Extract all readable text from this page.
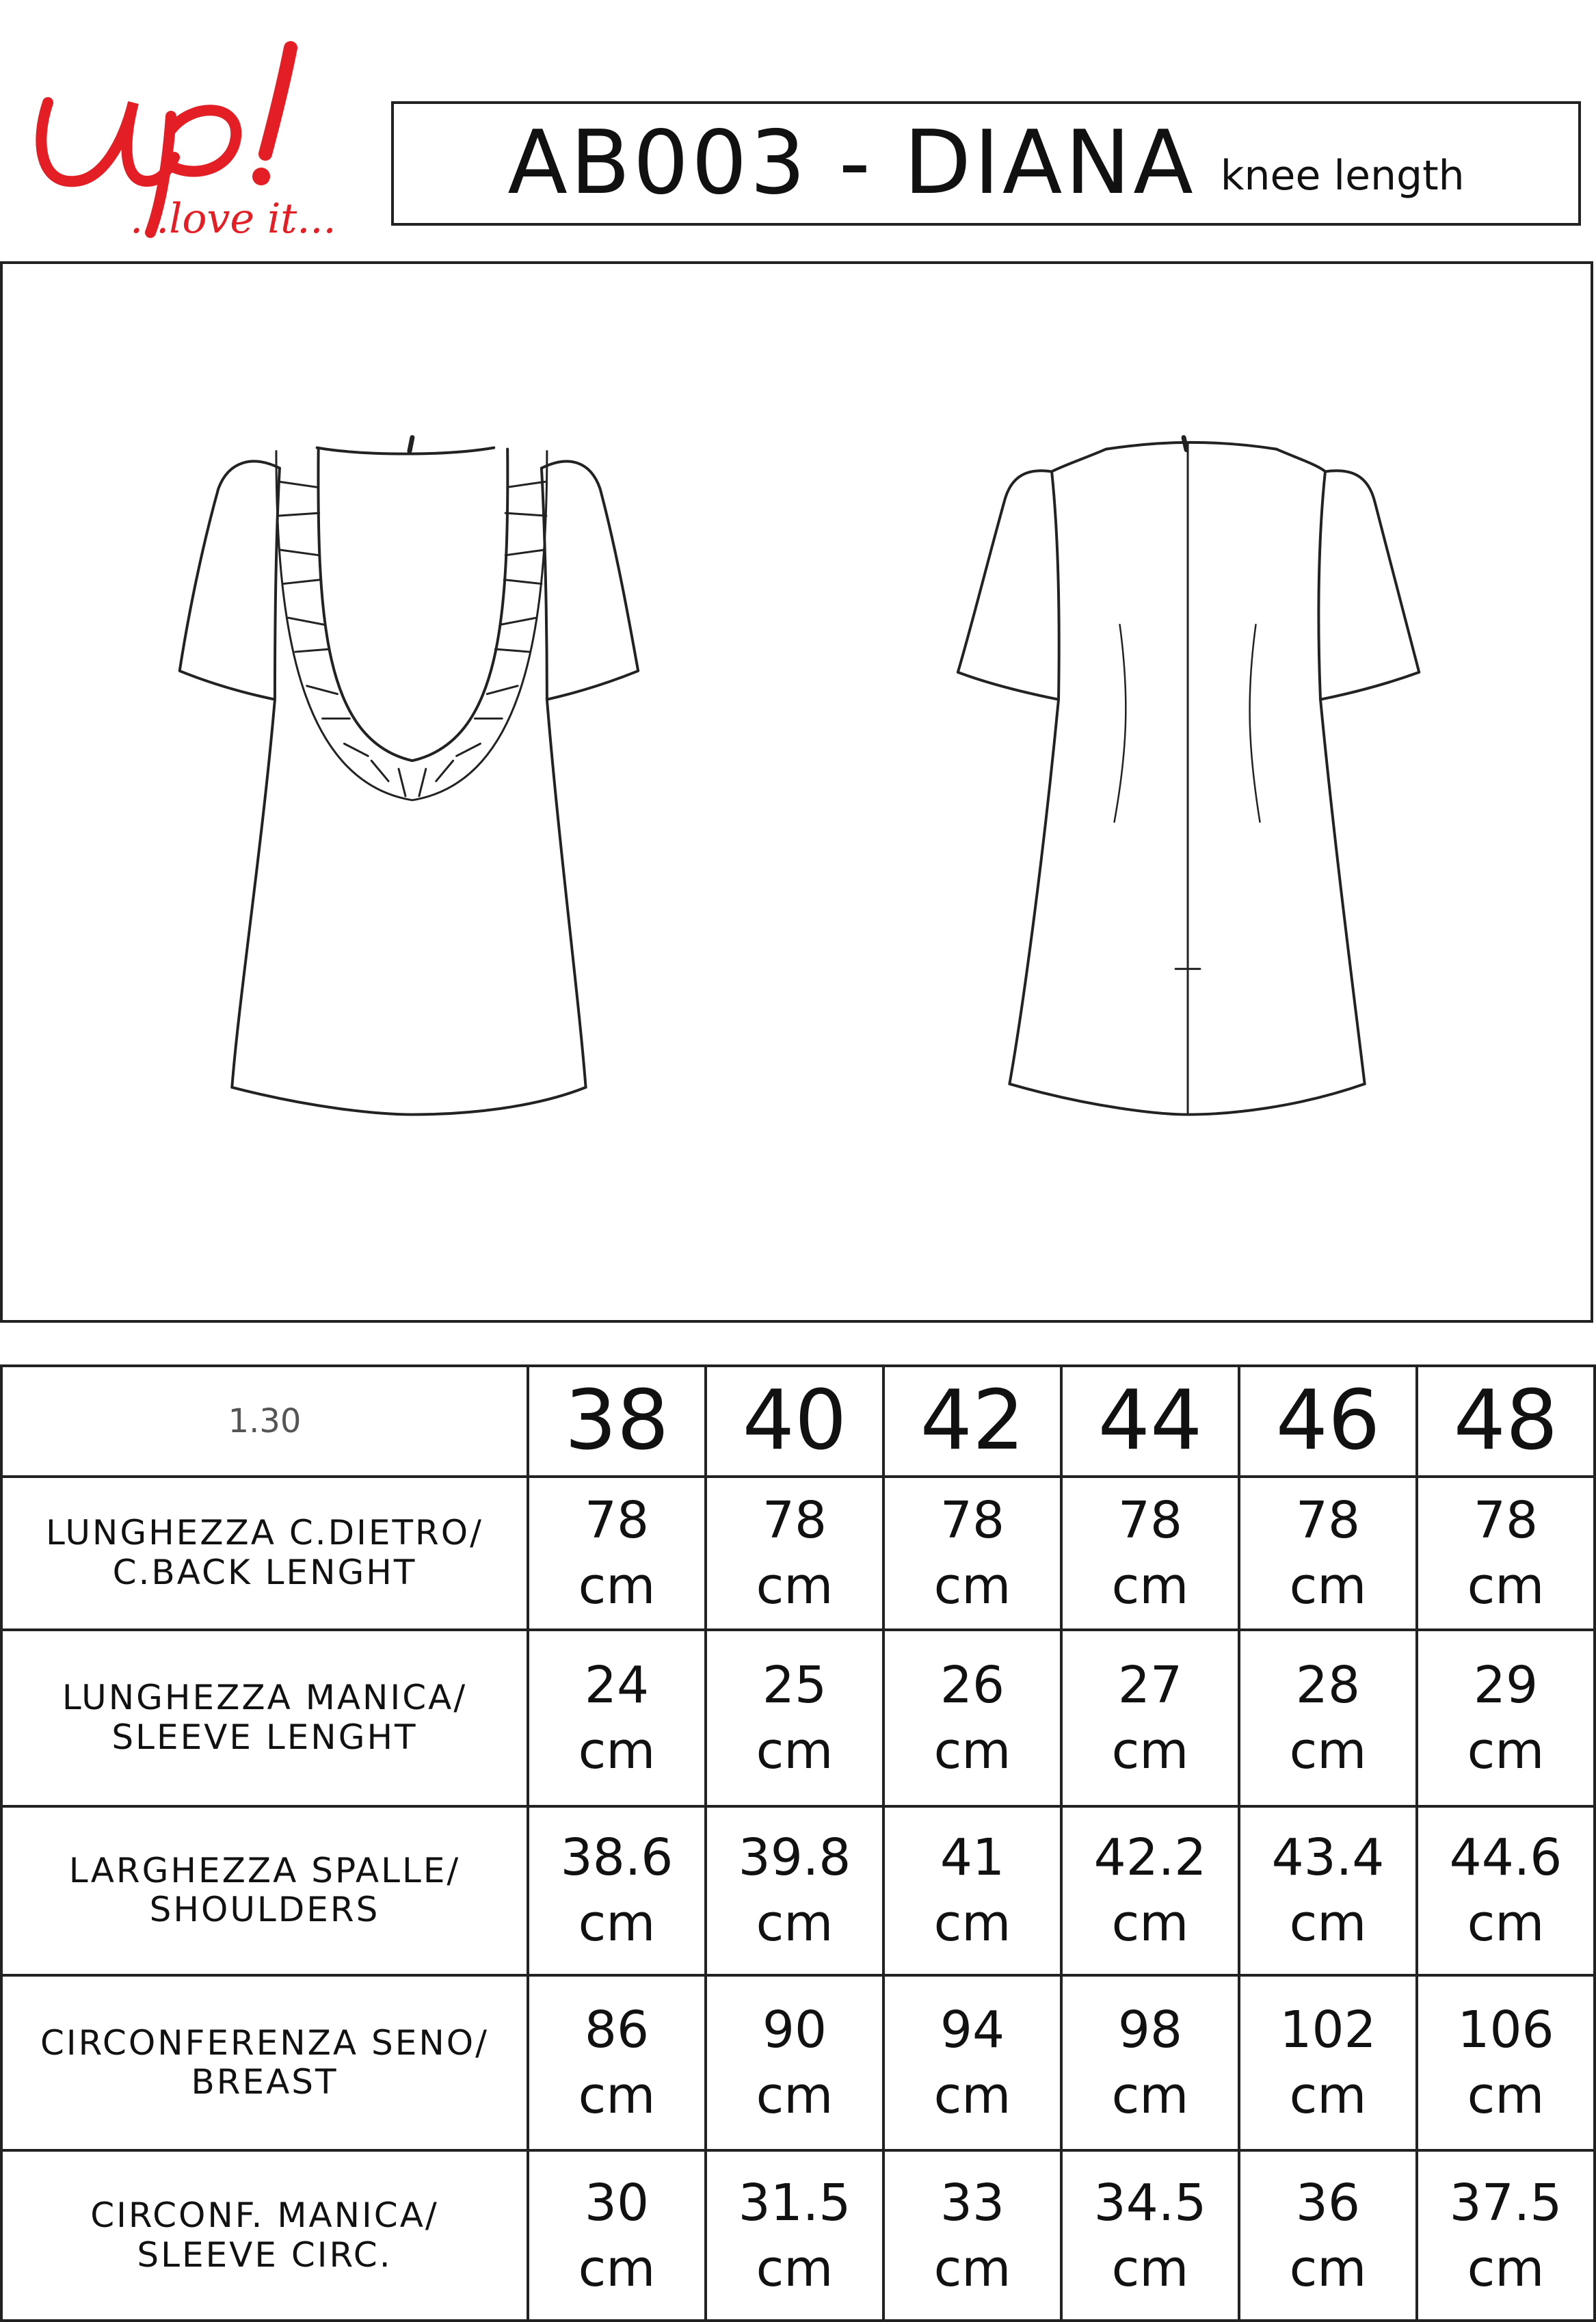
...love it...
AB003 - DIANA knee length
1.30	38	40	42	44	46	48

LUNGHEZZA C.DIETRO/
C.BACK LENGHT	78
cm	78
cm	78
cm	78
cm	78
cm	78
cm

LUNGHEZZA MANICA/
SLEEVE LENGHT	24
cm	25
cm	26
cm	27
cm	28
cm	29
cm

LARGHEZZA SPALLE/
SHOULDERS	38.6
cm	39.8
cm	41
cm	42.2
cm	43.4
cm	44.6
cm

CIRCONFERENZA SENO/
BREAST	86
cm	90
cm	94
cm	98
cm	102
cm	106
cm

CIRCONF. MANICA/
SLEEVE CIRC.	30
cm	31.5
cm	33
cm	34.5
cm	36
cm	37.5
cm
